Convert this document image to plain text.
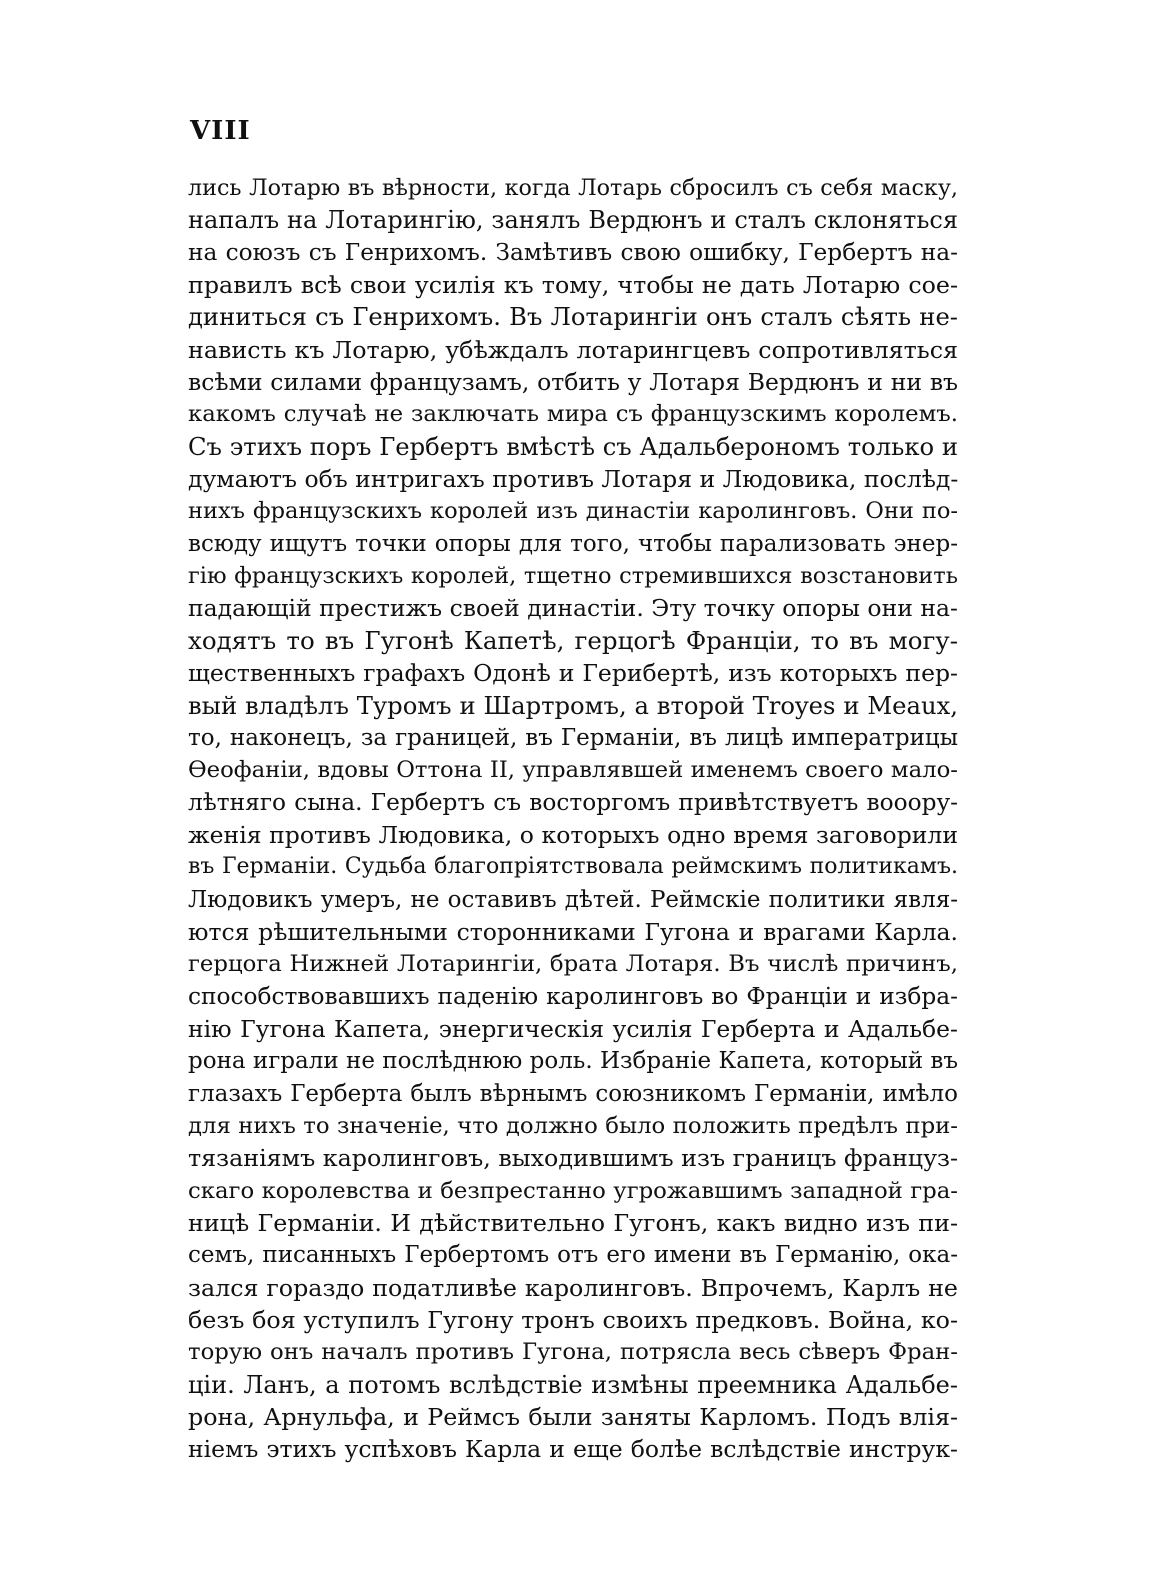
VIII
лись Лотарю въ вѣрности, когда Лотарь сбросилъ съ себя маску,
напалъ на Лотарингію, занялъ Вердюнъ и сталъ склоняться
на союзъ съ Генрихомъ. Замѣтивъ свою ошибку, Гербертъ на-
правилъ всѣ свои усилія къ тому, чтобы не дать Лотарю сое-
диниться съ Генрихомъ. Въ Лотарингіи онъ сталъ сѣять не-
нависть къ Лотарю, убѣждалъ лотарингцевъ сопротивляться
всѣми силами французамъ, отбить у Лотаря Вердюнъ и ни въ
какомъ случаѣ не заключать мира съ французскимъ королемъ.
Съ этихъ поръ Гербертъ вмѣстѣ съ Адальберономъ только и
думаютъ объ интригахъ противъ Лотаря и Людовика, послѣд-
нихъ французскихъ королей изъ династіи каролинговъ. Они по-
всюду ищутъ точки опоры для того, чтобы парализовать энер-
гію французскихъ королей, тщетно стремившихся возстановить
падающій престижъ своей династіи. Эту точку опоры они на-
ходятъ то въ Гугонѣ Капетѣ, герцогѣ Франціи, то въ могу-
щественныхъ графахъ Одонѣ и Герибертѣ, изъ которыхъ пер-
вый владѣлъ Туромъ и Шартромъ, а второй Troyes и Meaux,
то, наконецъ, за границей, въ Германіи, въ лицѣ императрицы
Ѳеофаніи, вдовы Оттона II, управлявшей именемъ своего мало-
лѣтняго сына. Гербертъ съ восторгомъ привѣтствуетъ вооору-
женія противъ Людовика, о которыхъ одно время заговорили
въ Германіи. Судьба благопріятствовала реймскимъ политикамъ.
Людовикъ умеръ, не оставивъ дѣтей. Реймскіе политики явля-
ются рѣшительными сторонниками Гугона и врагами Карла.
герцога Нижней Лотарингіи, брата Лотаря. Въ числѣ причинъ,
способствовавшихъ паденію каролинговъ во Франціи и избра-
нію Гугона Капета, энергическія усилія Герберта и Адальбе-
рона играли не послѣднюю роль. Избраніе Капета, который въ
глазахъ Герберта былъ вѣрнымъ союзникомъ Германіи, имѣло
для нихъ то значеніе, что должно было положить предѣлъ при-
тязаніямъ каролинговъ, выходившимъ изъ границъ француз-
скаго королевства и безпрестанно угрожавшимъ западной гра-
ницѣ Германіи. И дѣйствительно Гугонъ, какъ видно изъ пи-
семъ, писанныхъ Гербертомъ отъ его имени въ Германію, ока-
зался гораздо податливѣе каролинговъ. Впрочемъ, Карлъ не
безъ боя уступилъ Гугону тронъ своихъ предковъ. Война, ко-
торую онъ началъ противъ Гугона, потрясла весь сѣверъ Фран-
ціи. Ланъ, а потомъ вслѣдствіе измѣны преемника Адальбе-
рона, Арнульфа, и Реймсъ были заняты Карломъ. Подъ влія-
ніемъ этихъ успѣховъ Карла и еще болѣе вслѣдствіе инструк-
